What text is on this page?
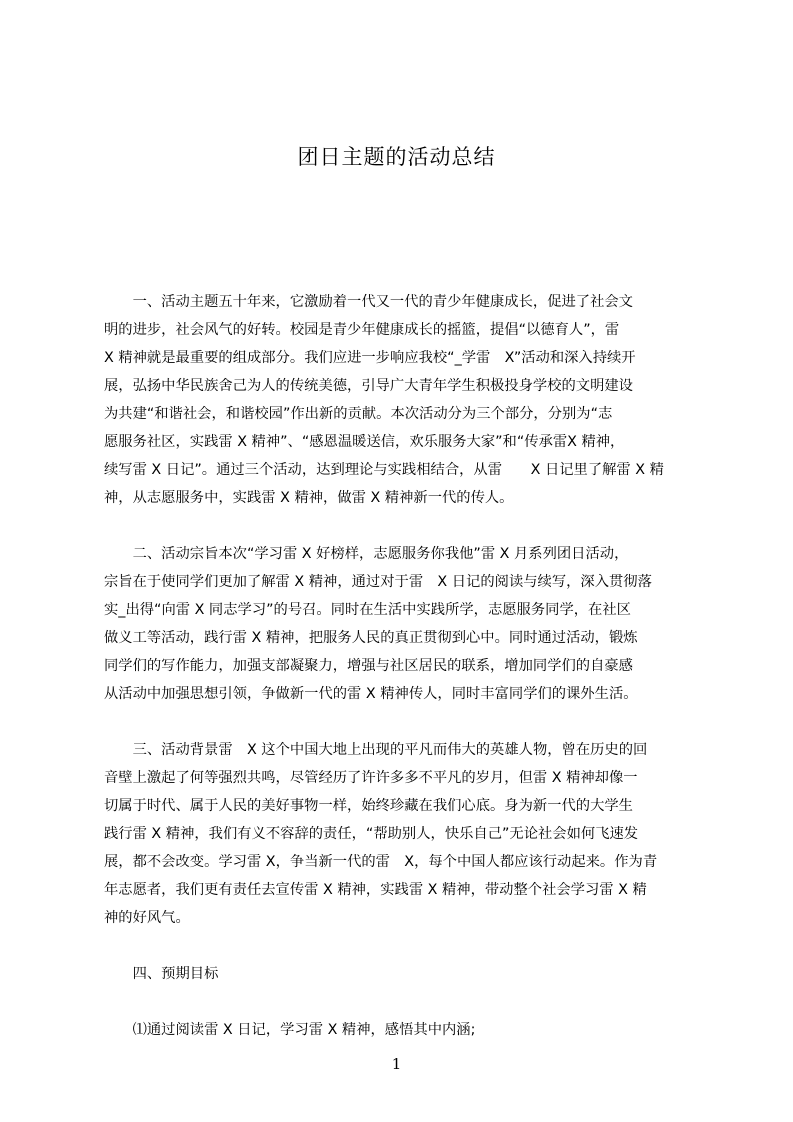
团日主题的活动总结
一、活动主题五十年来，它激励着一代又一代的青少年健康成长，促进了社会文
明的进步，社会风气的好转。校园是青少年健康成长的摇篮，提倡“以德育人”，雷
X 精神就是最重要的组成部分。我们应进一步响应我校“_学雷　X”活动和深入持续开
展，弘扬中华民族舍己为人的传统美德，引导广大青年学生积极投身学校的文明建设
为共建“和谐社会，和谐校园”作出新的贡献。本次活动分为三个部分，分别为“志
愿服务社区，实践雷 X 精神”、“感恩温暖送信，欢乐服务大家”和“传承雷X 精神，
续写雷 X 日记”。通过三个活动，达到理论与实践相结合，从雷　　X 日记里了解雷 X 精
神，从志愿服务中，实践雷 X 精神，做雷 X 精神新一代的传人。
二、活动宗旨本次“学习雷 X 好榜样，志愿服务你我他”雷 X 月系列团日活动，
宗旨在于使同学们更加了解雷 X 精神，通过对于雷　X 日记的阅读与续写，深入贯彻落
实_出得“向雷 X 同志学习”的号召。同时在生活中实践所学，志愿服务同学，在社区
做义工等活动，践行雷 X 精神，把服务人民的真正贯彻到心中。同时通过活动，锻炼
同学们的写作能力，加强支部凝聚力，增强与社区居民的联系，增加同学们的自豪感
从活动中加强思想引领，争做新一代的雷 X 精神传人，同时丰富同学们的课外生活。
三、活动背景雷　X 这个中国大地上出现的平凡而伟大的英雄人物，曾在历史的回
音壁上激起了何等强烈共鸣，尽管经历了许许多多不平凡的岁月，但雷 X 精神却像一
切属于时代、属于人民的美好事物一样，始终珍藏在我们心底。身为新一代的大学生
践行雷 X 精神，我们有义不容辞的责任，“帮助别人，快乐自己”无论社会如何飞速发
展，都不会改变。学习雷 X，争当新一代的雷　X，每个中国人都应该行动起来。作为青
年志愿者，我们更有责任去宣传雷 X 精神，实践雷 X 精神，带动整个社会学习雷 X 精
神的好风气。
四、预期目标
⑴通过阅读雷 X 日记，学习雷 X 精神，感悟其中内涵;
1
